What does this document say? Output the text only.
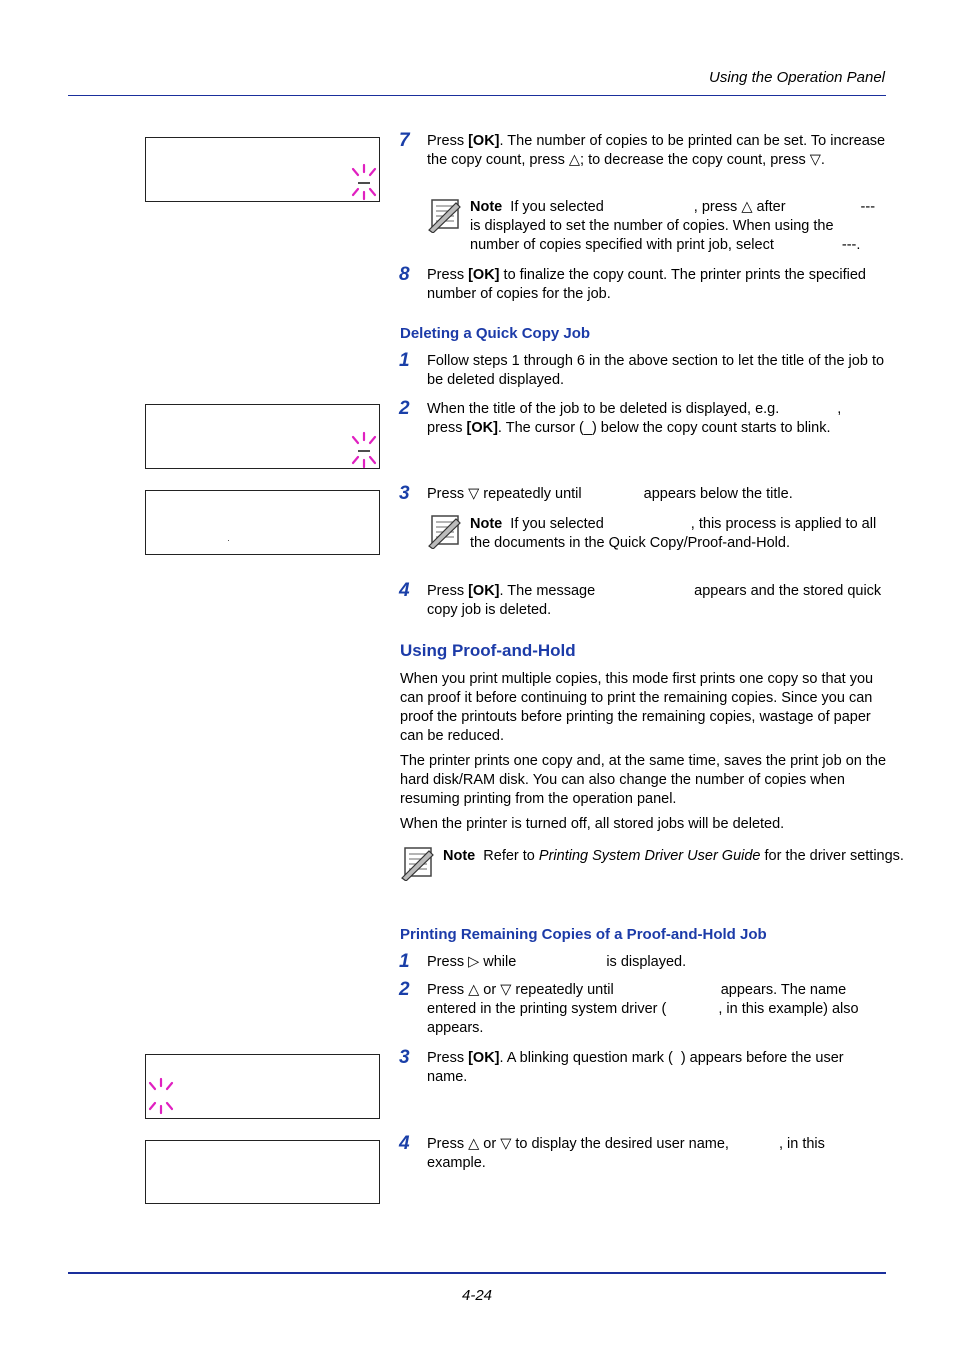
Using the Operation Panel
7 Press [OK]. The number of copies to be printed can be set. To increase the copy count, press △; to decrease the copy count, press ▽.
Note If you selected	, press △ after	--- is displayed to set the number of copies. When using the number of copies specified with print job, select	---.
8 Press [OK] to finalize the copy count. The printer prints the specified number of copies for the job.
Deleting a Quick Copy Job
1 Follow steps 1 through 6 in the above section to let the title of the job to be deleted displayed.
2 When the title of the job to be deleted is displayed, e.g.	,
press [OK]. The cursor (_) below the copy count starts to blink.
3 Press ▽ repeatedly until	appears below the title.
Note If you selected	, this process is applied to all the documents in the Quick Copy/Proof-and-Hold.
4 Press [OK]. The message	appears and the stored quick copy job is deleted.
Using Proof-and-Hold
When you print multiple copies, this mode first prints one copy so that you can proof it before continuing to print the remaining copies. Since you can proof the printouts before printing the remaining copies, wastage of paper can be reduced.
The printer prints one copy and, at the same time, saves the print job on the hard disk/RAM disk. You can also change the number of copies when resuming printing from the operation panel.
When the printer is turned off, all stored jobs will be deleted.
Note Refer to Printing System Driver User Guide for the driver settings.
Printing Remaining Copies of a Proof-and-Hold Job
1 Press ▷ while	is displayed.
2 Press △ or ▽ repeatedly until	appears. The name
entered in the printing system driver (	, in this example) also appears.
3 Press [OK]. A blinking question mark ( ) appears before the user name.
4 Press △ or ▽ to display the desired user name,	, in this example.
4-24
